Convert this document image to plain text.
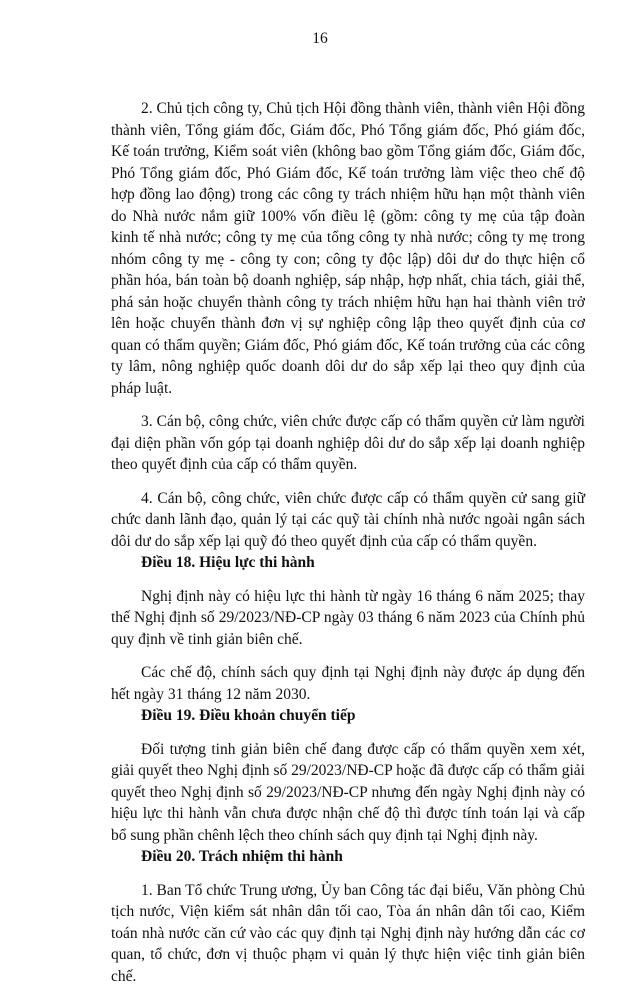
16

2. Chủ tịch công ty, Chủ tịch Hội đồng thành viên, thành viên Hội đồng thành viên, Tổng giám đốc, Giám đốc, Phó Tổng giám đốc, Phó giám đốc, Kế toán trưởng, Kiểm soát viên (không bao gồm Tổng giám đốc, Giám đốc, Phó Tổng giám đốc, Phó Giám đốc, Kế toán trưởng làm việc theo chế độ hợp đồng lao động) trong các công ty trách nhiệm hữu hạn một thành viên do Nhà nước nắm giữ 100% vốn điều lệ (gồm: công ty mẹ của tập đoàn kinh tế nhà nước; công ty mẹ của tổng công ty nhà nước; công ty mẹ trong nhóm công ty mẹ - công ty con; công ty độc lập) dôi dư do thực hiện cổ phần hóa, bán toàn bộ doanh nghiệp, sáp nhập, hợp nhất, chia tách, giải thể, phá sản hoặc chuyển thành công ty trách nhiệm hữu hạn hai thành viên trở lên hoặc chuyển thành đơn vị sự nghiệp công lập theo quyết định của cơ quan có thẩm quyền; Giám đốc, Phó giám đốc, Kế toán trưởng của các công ty lâm, nông nghiệp quốc doanh dôi dư do sắp xếp lại theo quy định của pháp luật.

3. Cán bộ, công chức, viên chức được cấp có thẩm quyền cử làm người đại diện phần vốn góp tại doanh nghiệp dôi dư do sắp xếp lại doanh nghiệp theo quyết định của cấp có thẩm quyền.

4. Cán bộ, công chức, viên chức được cấp có thẩm quyền cử sang giữ chức danh lãnh đạo, quản lý tại các quỹ tài chính nhà nước ngoài ngân sách dôi dư do sắp xếp lại quỹ đó theo quyết định của cấp có thẩm quyền.

Điều 18. Hiệu lực thi hành

Nghị định này có hiệu lực thi hành từ ngày 16 tháng 6 năm 2025; thay thế Nghị định số 29/2023/NĐ-CP ngày 03 tháng 6 năm 2023 của Chính phủ quy định về tinh giản biên chế.

Các chế độ, chính sách quy định tại Nghị định này được áp dụng đến hết ngày 31 tháng 12 năm 2030.

Điều 19. Điều khoản chuyển tiếp

Đối tượng tinh giản biên chế đang được cấp có thẩm quyền xem xét, giải quyết theo Nghị định số 29/2023/NĐ-CP hoặc đã được cấp có thẩm giải quyết theo Nghị định số 29/2023/NĐ-CP nhưng đến ngày Nghị định này có hiệu lực thi hành vẫn chưa được nhận chế độ thì được tính toán lại và cấp bổ sung phần chênh lệch theo chính sách quy định tại Nghị định này.

Điều 20. Trách nhiệm thi hành

1. Ban Tổ chức Trung ương, Ủy ban Công tác đại biểu, Văn phòng Chủ tịch nước, Viện kiểm sát nhân dân tối cao, Tòa án nhân dân tối cao, Kiểm toán nhà nước căn cứ vào các quy định tại Nghị định này hướng dẫn các cơ quan, tổ chức, đơn vị thuộc phạm vi quản lý thực hiện việc tinh giản biên chế.
